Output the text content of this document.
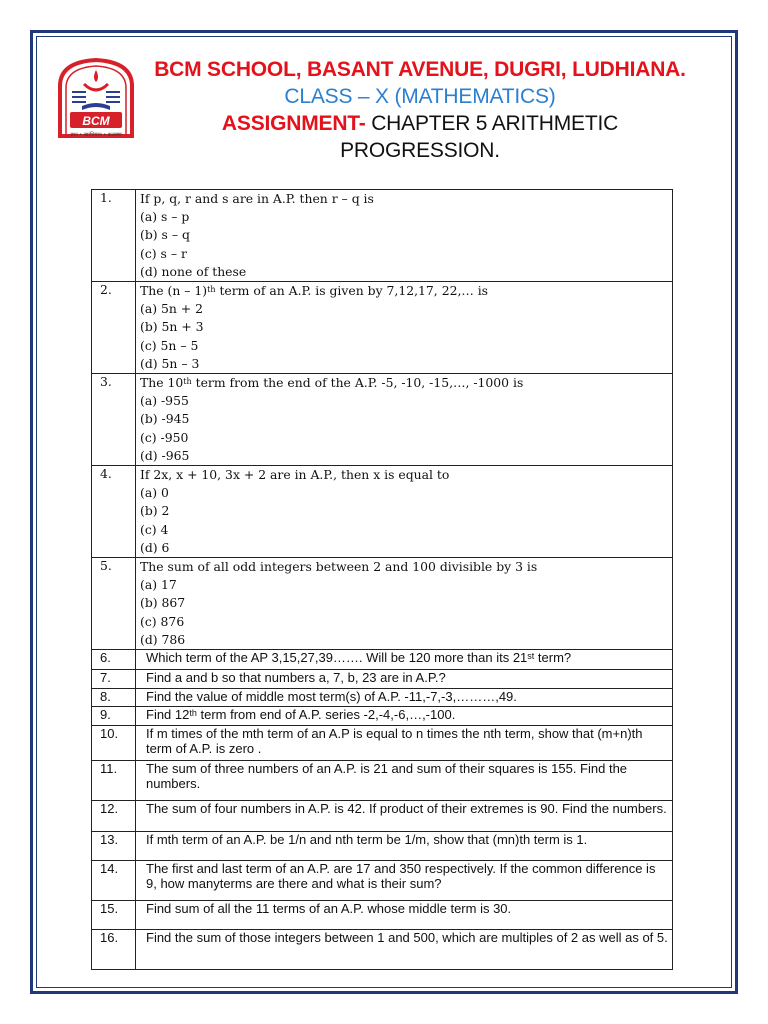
BCM
ज्ञान • स्वाभिमान • कल्याण
BCM SCHOOL, BASANT AVENUE, DUGRI, LUDHIANA.
CLASS – X (MATHEMATICS)
ASSIGNMENT- CHAPTER 5 ARITHMETIC
PROGRESSION.
1.	If p, q, r and s are in A.P. then r – q is
(a) s – p
(b) s – q
(c) s – r
(d) none of these

2.	The (n – 1)$^{th}$ term of an A.P. is given by 7,12,17, 22,… is
(a) 5n + 2
(b) 5n + 3
(c) 5n – 5
(d) 5n – 3

3.	The 10th term from the end of the A.P. -5, -10, -15,…, -1000 is
(a) -955
(b) -945
(c) -950
(d) -965

4.	If 2x, x + 10, 3x + 2 are in A.P., then x is equal to
(a) 0
(b) 2
(c) 4
(d) 6

5.	The sum of all odd integers between 2 and 100 divisible by 3 is
(a) 17
(b) 867
(c) 876
(d) 786

6.	Which term of the AP 3,15,27,39……. Will be 120 more than its 21st term?
7.	Find a and b so that numbers a, 7, b, 23 are in A.P.?
8.	Find the value of middle most term(s) of A.P. -11,-7,-3,………,49.
9.	Find 12th term from end of A.P. series -2,-4,-6,…,-100.
10.	If m times of the mth term of an A.P is equal to n times the nth term, show that (m+n)th term of A.P. is zero .
11.	The sum of three numbers of an A.P. is 21 and sum of their squares is 155. Find the numbers.
12.	The sum of four numbers in A.P. is 42. If product of their extremes is 90. Find the numbers.
13.	If mth term of an A.P. be 1/n and nth term be 1/m, show that (mn)th term is 1.
14.	The first and last term of an A.P. are 17 and 350 respectively. If the common difference is 9, how manyterms are there and what is their sum?
15.	Find sum of all the 11 terms of an A.P. whose middle term is 30.
16.	Find the sum of those integers between 1 and 500, which are multiples of 2 as well as of 5.
